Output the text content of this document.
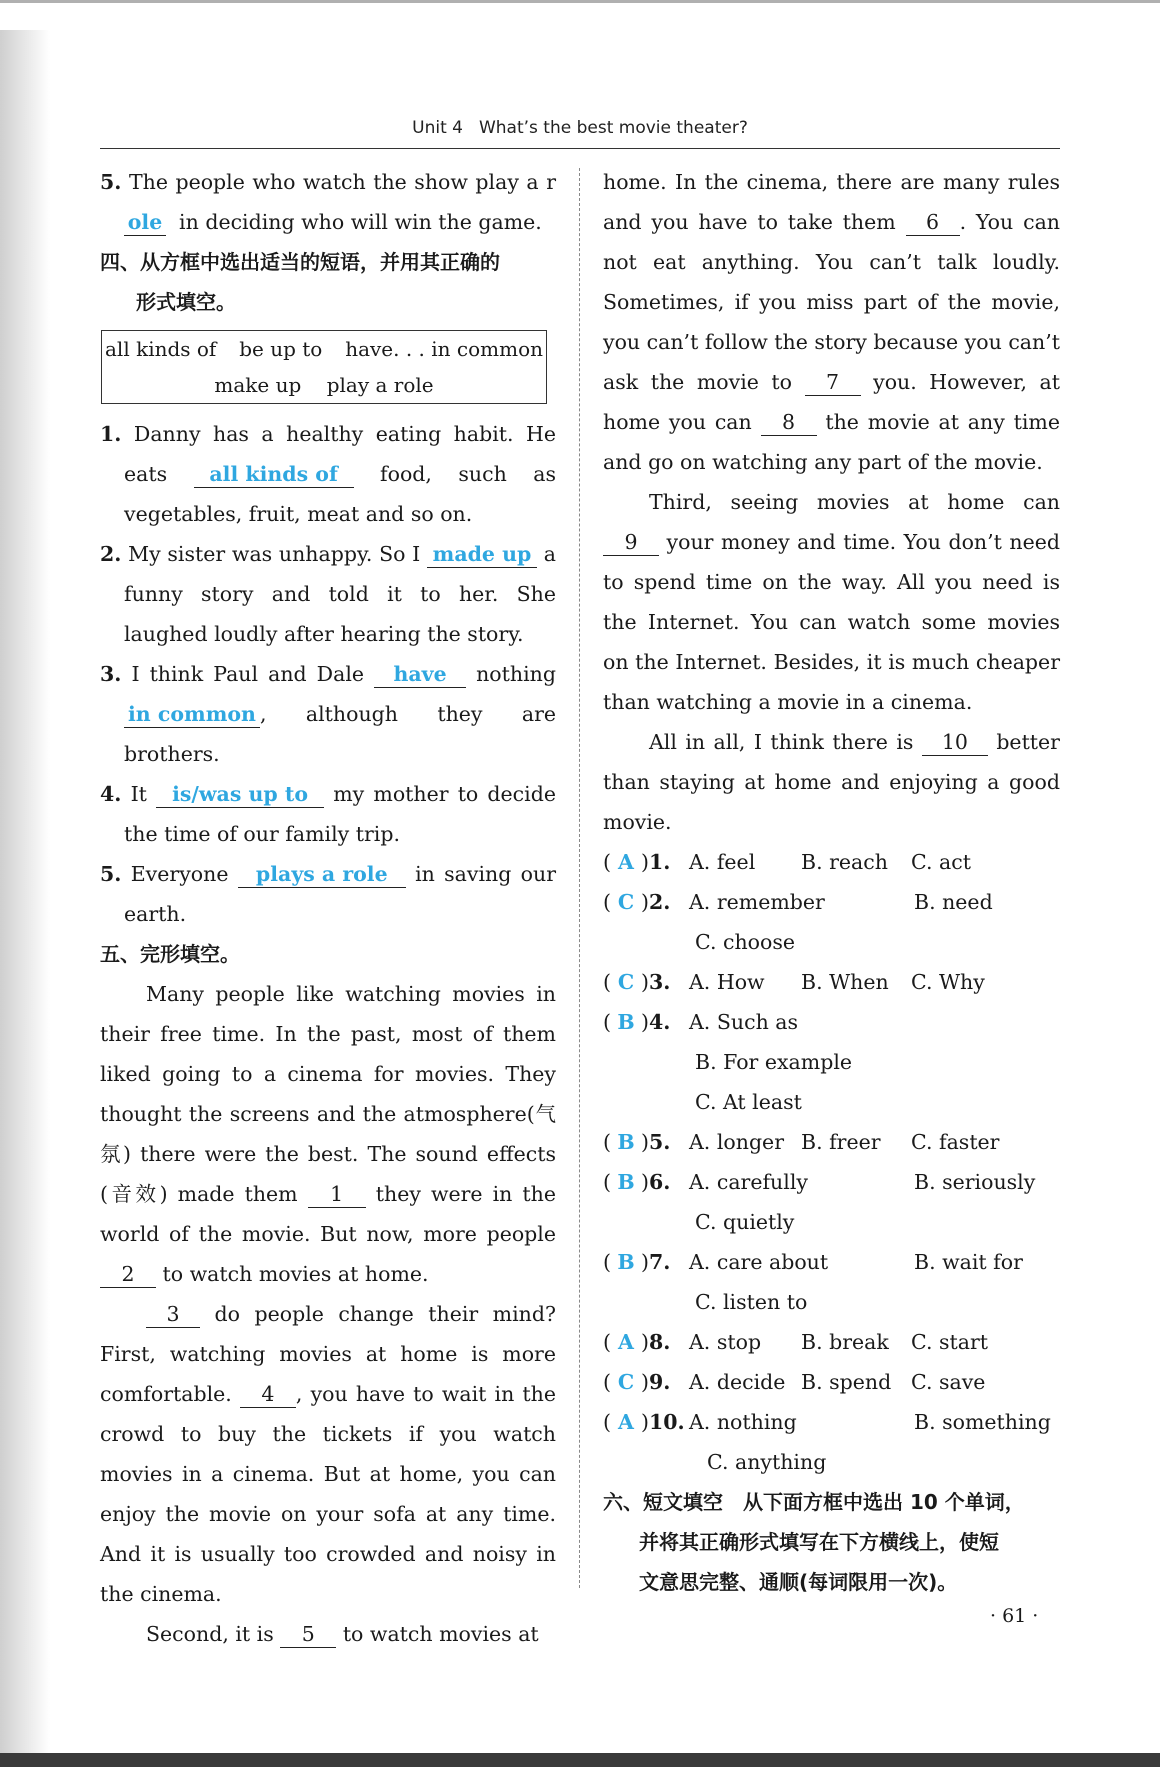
Unit 4 What’s the best movie theater?
5. The people who watch the show play a role in deciding who will win the game.
四、从方框中选出适当的短语，并用其正确的
形式填空。
all kinds of be up to have. . . in common
make up play a role
1. Danny has a healthy eating habit. He eats all kinds of food, such as vegetables, fruit, meat and so on.
2. My sister was unhappy. So I made up a funny story and told it to her. She laughed loudly after hearing the story.
3. I think Paul and Dale have nothing in common , although they are brothers.
4. It is/was up to my mother to decide the time of our family trip.
5. Everyone plays a role in saving our earth.
五、完形填空。
Many people like watching movies in their free time. In the past, most of them liked going to a cinema for movies. They thought the screens and the atmosphere(气氛) there were the best. The sound effects (音效) made them 1 they were in the world of the movie. But now, more people 2 to watch movies at home.
3 do people change their mind? First, watching movies at home is more comfortable. 4 , you have to wait in the crowd to buy the tickets if you watch movies in a cinema. But at home, you can enjoy the movie on your sofa at any time. And it is usually too crowded and noisy in the cinema.
Second, it is 5 to watch movies at
home. In the cinema, there are many rules and you have to take them 6 . You can not eat anything. You can’t talk loudly. Sometimes, if you miss part of the movie, you can’t follow the story because you can’t ask the movie to 7 you. However, at home you can 8 the movie at any time and go on watching any part of the movie.
Third, seeing movies at home can 9 your money and time. You don’t need to spend time on the way. All you need is the Internet. You can watch some movies on the Internet. Besides, it is much cheaper than watching a movie in a cinema.
All in all, I think there is 10 better than staying at home and enjoying a good movie.
( A )1. A. feel	B. reach	C. act
( C )2. A. remember	B. need
C. choose
( C )3. A. How	B. When	C. Why
( B )4. A. Such as
B. For example
C. At least
( B )5. A. longer B. freer	C. faster
( B )6. A. carefully	B. seriously
C. quietly
( B )7. A. care about	B. wait for
C. listen to
( A )8. A. stop	B. break	C. start
( C )9. A. decide B. spend C. save
( A )10. A. nothing	B. something
C. anything
六、短文填空　从下面方框中选出 10 个单词，
并将其正确形式填写在下方横线上，使短
文意思完整、通顺(每词限用一次)。
· 61 ·
